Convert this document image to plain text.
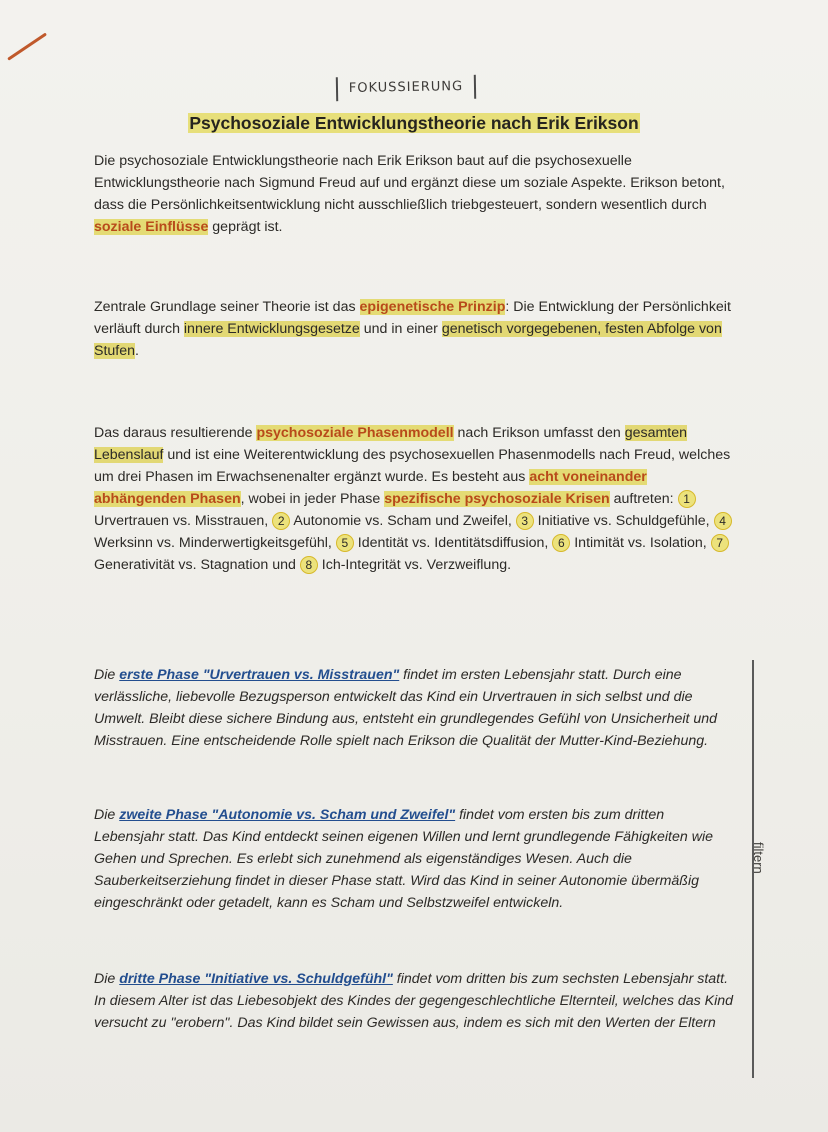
FOKUSSIERUNG
Psychosoziale Entwicklungstheorie nach Erik Erikson
Die psychosoziale Entwicklungstheorie nach Erik Erikson baut auf die psychosexuelle Entwicklungstheorie nach Sigmund Freud auf und ergänzt diese um soziale Aspekte. Erikson betont, dass die Persönlichkeitsentwicklung nicht ausschließlich triebgesteuert, sondern wesentlich durch soziale Einflüsse geprägt ist.
Zentrale Grundlage seiner Theorie ist das epigenetische Prinzip: Die Entwicklung der Persönlichkeit verläuft durch innere Entwicklungsgesetze und in einer genetisch vorgegebenen, festen Abfolge von Stufen.
Das daraus resultierende psychosoziale Phasenmodell nach Erikson umfasst den gesamten Lebenslauf und ist eine Weiterentwicklung des psychosexuellen Phasenmodells nach Freud, welches um drei Phasen im Erwachsenenalter ergänzt wurde. Es besteht aus acht voneinander abhängenden Phasen, wobei in jeder Phase spezifische psychosoziale Krisen auftreten: 1 Urvertrauen vs. Misstrauen, 2 Autonomie vs. Scham und Zweifel, 3 Initiative vs. Schuldgefühle, 4 Werksinn vs. Minderwertigkeitsgefühl, 5 Identität vs. Identitätsdiffusion, 6 Intimität vs. Isolation, 7 Generativität vs. Stagnation und 8 Ich-Integrität vs. Verzweiflung.
Die erste Phase "Urvertrauen vs. Misstrauen" findet im ersten Lebensjahr statt. Durch eine verlässliche, liebevolle Bezugsperson entwickelt das Kind ein Urvertrauen in sich selbst und die Umwelt. Bleibt diese sichere Bindung aus, entsteht ein grundlegendes Gefühl von Unsicherheit und Misstrauen. Eine entscheidende Rolle spielt nach Erikson die Qualität der Mutter-Kind-Beziehung.
Die zweite Phase "Autonomie vs. Scham und Zweifel" findet vom ersten bis zum dritten Lebensjahr statt. Das Kind entdeckt seinen eigenen Willen und lernt grundlegende Fähigkeiten wie Gehen und Sprechen. Es erlebt sich zunehmend als eigenständiges Wesen. Auch die Sauberkeitserziehung findet in dieser Phase statt. Wird das Kind in seiner Autonomie übermäßig eingeschränkt oder getadelt, kann es Scham und Selbstzweifel entwickeln.
Die dritte Phase "Initiative vs. Schuldgefühl" findet vom dritten bis zum sechsten Lebensjahr statt. In diesem Alter ist das Liebesobjekt des Kindes der gegengeschlechtliche Elternteil, welches das Kind versucht zu "erobern". Das Kind bildet sein Gewissen aus, indem es sich mit den Werten der Eltern
filtern
